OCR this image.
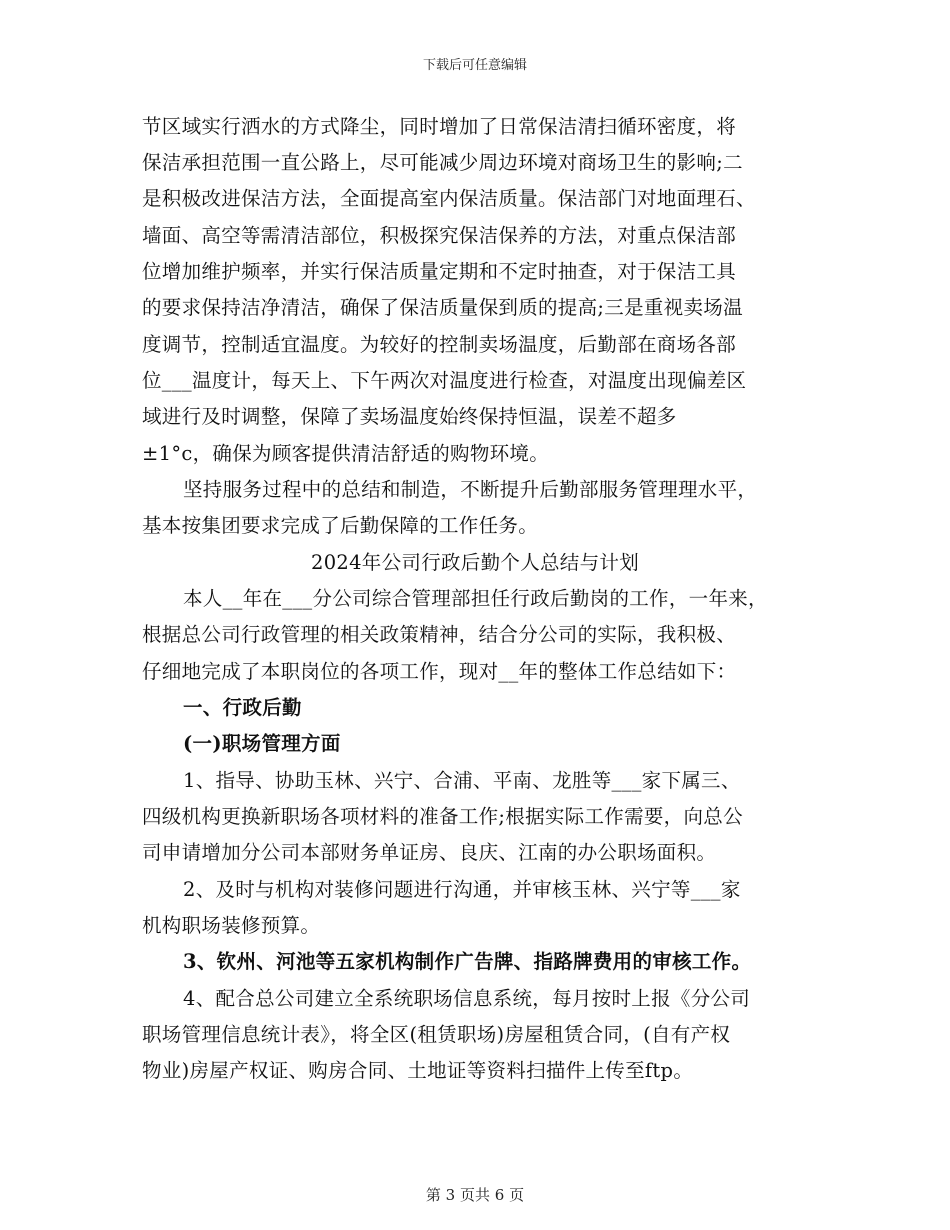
下载后可任意编辑
节区域实行洒水的方式降尘，同时增加了日常保洁清扫循环密度，将
保洁承担范围一直公路上，尽可能减少周边环境对商场卫生的影响;二
是积极改进保洁方法，全面提高室内保洁质量。保洁部门对地面理石、
墙面、高空等需清洁部位，积极探究保洁保养的方法，对重点保洁部
位增加维护频率，并实行保洁质量定期和不定时抽查，对于保洁工具
的要求保持洁净清洁，确保了保洁质量保到质的提高;三是重视卖场温
度调节，控制适宜温度。为较好的控制卖场温度，后勤部在商场各部
位___温度计，每天上、下午两次对温度进行检查，对温度出现偏差区
域进行及时调整，保障了卖场温度始终保持恒温，误差不超多
±1°c，确保为顾客提供清洁舒适的购物环境。
坚持服务过程中的总结和制造，不断提升后勤部服务管理理水平，
基本按集团要求完成了后勤保障的工作任务。
2024年公司行政后勤个人总结与计划
本人__年在___分公司综合管理部担任行政后勤岗的工作，一年来，
根据总公司行政管理的相关政策精神，结合分公司的实际，我积极、
仔细地完成了本职岗位的各项工作，现对__年的整体工作总结如下：
一、行政后勤
(一)职场管理方面
1、指导、协助玉林、兴宁、合浦、平南、龙胜等___家下属三、
四级机构更换新职场各项材料的准备工作;根据实际工作需要，向总公
司申请增加分公司本部财务单证房、良庆、江南的办公职场面积。
2、及时与机构对装修问题进行沟通，并审核玉林、兴宁等___家
机构职场装修预算。
3、钦州、河池等五家机构制作广告牌、指路牌费用的审核工作。
4、配合总公司建立全系统职场信息系统，每月按时上报《分公司
职场管理信息统计表》，将全区(租赁职场)房屋租赁合同，(自有产权
物业)房屋产权证、购房合同、土地证等资料扫描件上传至ftp。
第 3 页共 6 页
